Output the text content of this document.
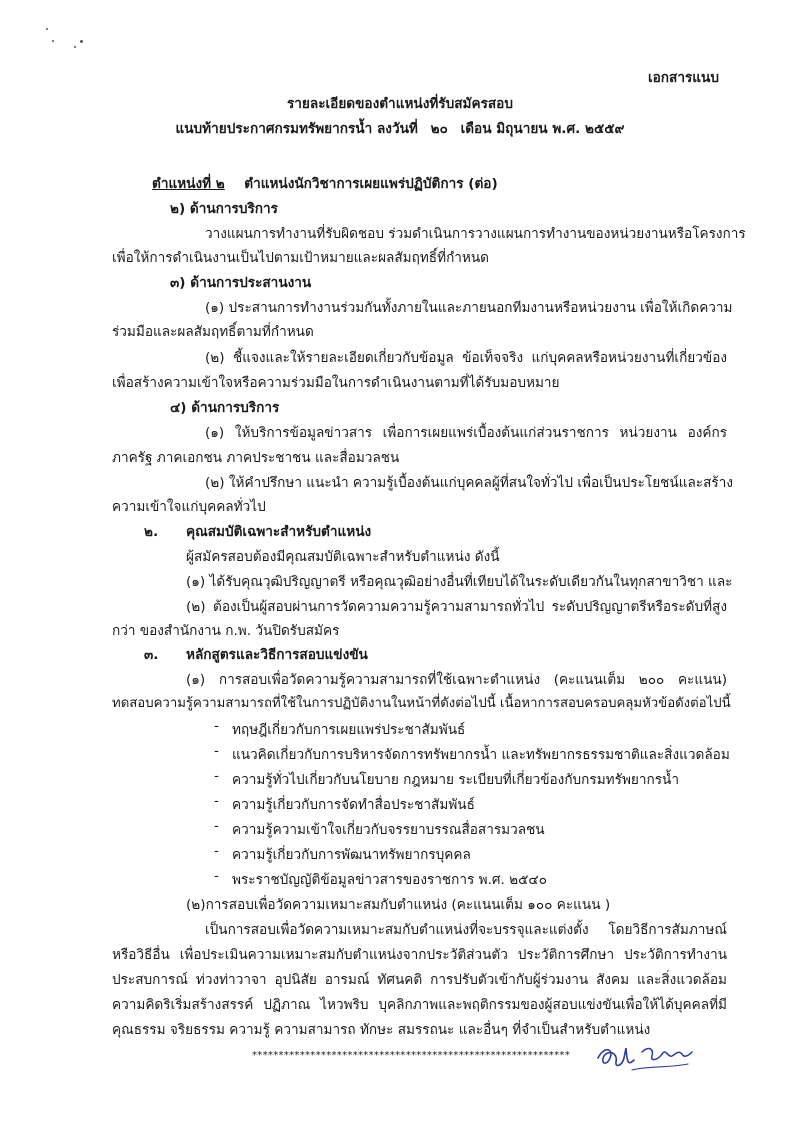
เอกสารแนบ
รายละเอียดของตำแหน่งที่รับสมัครสอบ
แนบท้ายประกาศกรมทรัพยากรน้ำ ลงวันที่ ๒๐ เดือน มิถุนายน พ.ศ. ๒๕๕๙
ตำแหน่งที่ ๒ ตำแหน่งนักวิชาการเผยแพร่ปฏิบัติการ (ต่อ)
๒) ด้านการบริการ
วางแผนการทำงานที่รับผิดชอบ ร่วมดำเนินการวางแผนการทำงานของหน่วยงานหรือโครงการ
เพื่อให้การดำเนินงานเป็นไปตามเป้าหมายและผลสัมฤทธิ์ที่กำหนด
๓) ด้านการประสานงาน
(๑) ประสานการทำงานร่วมกันทั้งภายในและภายนอกทีมงานหรือหน่วยงาน เพื่อให้เกิดความ
ร่วมมือและผลสัมฤทธิ์ตามที่กำหนด
(๒) ชี้แจงและให้รายละเอียดเกี่ยวกับข้อมูล ข้อเท็จจริง แก่บุคคลหรือหน่วยงานที่เกี่ยวข้อง
เพื่อสร้างความเข้าใจหรือความร่วมมือในการดำเนินงานตามที่ได้รับมอบหมาย
๔) ด้านการบริการ
(๑) ให้บริการข้อมูลข่าวสาร เพื่อการเผยแพร่เบื้องต้นแก่ส่วนราชการ หน่วยงาน องค์กร
ภาครัฐ ภาคเอกชน ภาคประชาชน และสื่อมวลชน
(๒) ให้คำปรึกษา แนะนำ ความรู้เบื้องต้นแก่บุคคลผู้ที่สนใจทั่วไป เพื่อเป็นประโยชน์และสร้าง
ความเข้าใจแก่บุคคลทั่วไป
๒. คุณสมบัติเฉพาะสำหรับตำแหน่ง
ผู้สมัครสอบต้องมีคุณสมบัติเฉพาะสำหรับตำแหน่ง ดังนี้
(๑) ได้รับคุณวุฒิปริญญาตรี หรือคุณวุฒิอย่างอื่นที่เทียบได้ในระดับเดียวกันในทุกสาขาวิชา และ
(๒) ต้องเป็นผู้สอบผ่านการวัดความความรู้ความสามารถทั่วไป ระดับปริญญาตรีหรือระดับที่สูง
กว่า ของสำนักงาน ก.พ. วันปิดรับสมัคร
๓. หลักสูตรและวิธีการสอบแข่งขัน
(๑) การสอบเพื่อวัดความรู้ความสามารถที่ใช้เฉพาะตำแหน่ง (คะแนนเต็ม ๒๐๐ คะแนน)
ทดสอบความรู้ความสามารถที่ใช้ในการปฏิบัติงานในหน้าที่ดังต่อไปนี้ เนื้อหาการสอบครอบคลุมหัวข้อดังต่อไปนี้
- ทฤษฎีเกี่ยวกับการเผยแพร่ประชาสัมพันธ์
- แนวคิดเกี่ยวกับการบริหารจัดการทรัพยากรน้ำ และทรัพยากรธรรมชาติและสิ่งแวดล้อม
- ความรู้ทั่วไปเกี่ยวกับนโยบาย กฎหมาย ระเบียบที่เกี่ยวข้องกับกรมทรัพยากรน้ำ
- ความรู้เกี่ยวกับการจัดทำสื่อประชาสัมพันธ์
- ความรู้ความเข้าใจเกี่ยวกับจรรยาบรรณสื่อสารมวลชน
- ความรู้เกี่ยวกับการพัฒนาทรัพยากรบุคคล
- พระราชบัญญัติข้อมูลข่าวสารของราชการ พ.ศ. ๒๕๔๐
(๒)การสอบเพื่อวัดความเหมาะสมกับตำแหน่ง (คะแนนเต็ม ๑๐๐ คะแนน )
เป็นการสอบเพื่อวัดความเหมาะสมกับตำแหน่งที่จะบรรจุและแต่งตั้ง โดยวิธีการสัมภาษณ์
หรือวิธีอื่น เพื่อประเมินความเหมาะสมกับตำแหน่งจากประวัติส่วนตัว ประวัติการศึกษา ประวัติการทำงาน
ประสบการณ์ ท่วงท่าวาจา อุปนิสัย อารมณ์ ทัศนคติ การปรับตัวเข้ากับผู้ร่วมงาน สังคม และสิ่งแวดล้อม
ความคิดริเริ่มสร้างสรรค์ ปฏิภาณ ไหวพริบ บุคลิกภาพและพฤติกรรมของผู้สอบแข่งขันเพื่อให้ได้บุคคลที่มี
คุณธรรม จริยธรรม ความรู้ ความสามารถ ทักษะ สมรรถนะ และอื่นๆ ที่จำเป็นสำหรับตำแหน่ง
************************************************************
